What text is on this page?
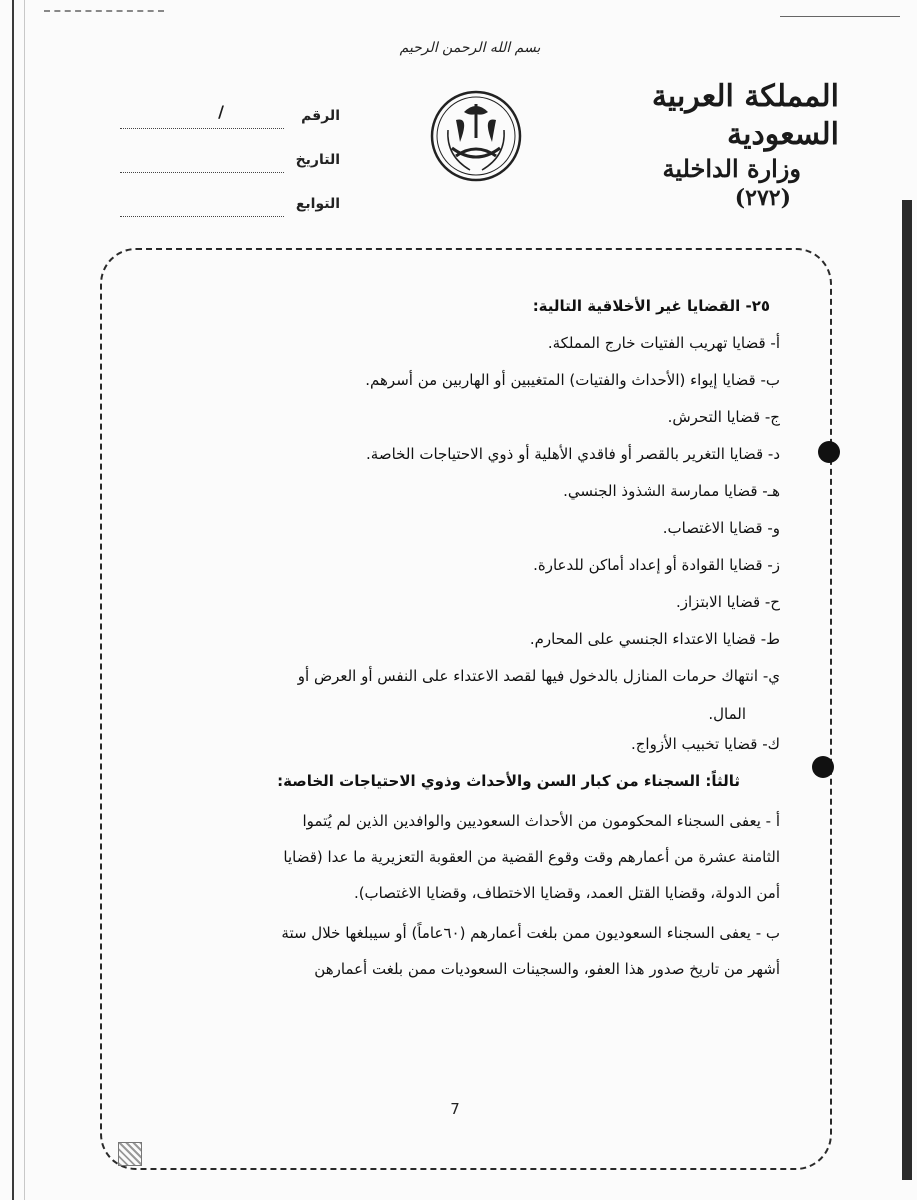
بسم الله الرحمن الرحيم
المملكة العربية السعودية
وزارة الداخلية
(٢٧٢)
الرقم
/
التاريخ
التوابع
٢٥- القضايا غير الأخلاقية التالية:
أ- قضايا تهريب الفتيات خارج المملكة.
ب- قضايا إيواء (الأحداث والفتيات) المتغيبين أو الهاربين من أسرهم.
ج- قضايا التحرش.
د- قضايا التغرير بالقصر أو فاقدي الأهلية أو ذوي الاحتياجات الخاصة.
هـ- قضايا ممارسة الشذوذ الجنسي.
و- قضايا الاغتصاب.
ز- قضايا القوادة أو إعداد أماكن للدعارة.
ح- قضايا الابتزاز.
ط- قضايا الاعتداء الجنسي على المحارم.
ي- انتهاك حرمات المنازل بالدخول فيها لقصد الاعتداء على النفس أو العرض أو
المال.
ك- قضايا تخبيب الأزواج.
ثالثاً: السجناء من كبار السن والأحداث وذوي الاحتياجات الخاصة:
أ - يعفى السجناء المحكومون من الأحداث السعوديين والوافدين الذين لم يُتموا
الثامنة عشرة من أعمارهم وقت وقوع القضية من العقوبة التعزيرية ما عدا (قضايا
أمن الدولة، وقضايا القتل العمد، وقضايا الاختطاف، وقضايا الاغتصاب).
ب - يعفى السجناء السعوديون ممن بلغت أعمارهم (٦٠عاماً) أو سيبلغها خلال ستة
أشهر من تاريخ صدور هذا العفو، والسجينات السعوديات ممن بلغت أعمارهن
7
